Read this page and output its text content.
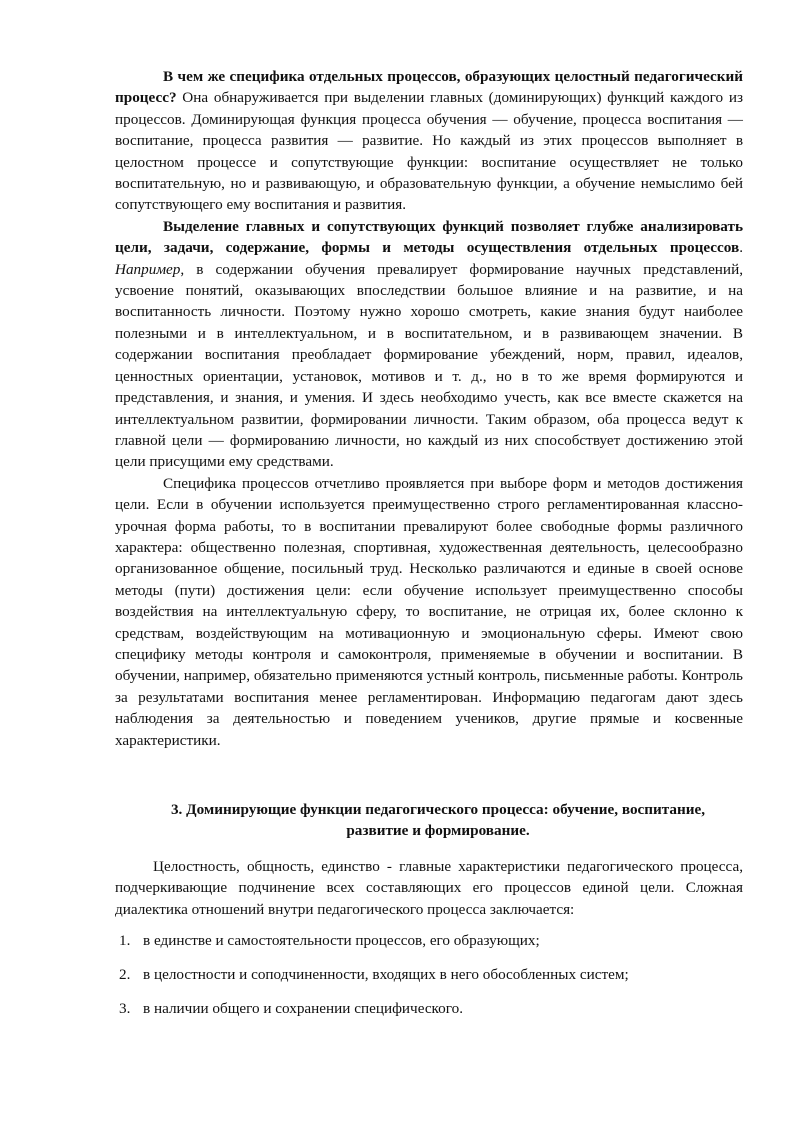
В чем же специфика отдельных процессов, образующих целостный педагогический процесс? Она обнаруживается при выделении главных (доминирующих) функций каждого из процессов. Доминирующая функция процесса обучения — обучение, процесса воспитания — воспитание, процесса развития — развитие. Но каждый из этих процессов выполняет в целостном процессе и сопутствующие функции: воспитание осуществляет не только воспитательную, но и развивающую, и образовательную функции, а обучение немыслимо бей сопутствующего ему воспитания и развития.

Выделение главных и сопутствующих функций позволяет глубже анализировать цели, задачи, содержание, формы и методы осуществления отдельных процессов. Например, в содержании обучения превалирует формирование научных представлений, усвоение понятий, оказывающих впоследствии большое влияние и на развитие, и на воспитанность личности. Поэтому нужно хорошо смотреть, какие знания будут наиболее полезными и в интеллектуальном, и в воспитательном, и в развивающем значении. В содержании воспитания преобладает формирование убеждений, норм, правил, идеалов, ценностных ориентации, установок, мотивов и т. д., но в то же время формируются и представления, и знания, и умения. И здесь необходимо учесть, как все вместе скажется на интеллектуальном развитии, формировании личности. Таким образом, оба процесса ведут к главной цели — формированию личности, но каждый из них способствует достижению этой цели присущими ему средствами.

Специфика процессов отчетливо проявляется при выборе форм и методов достижения цели. Если в обучении используется преимущественно строго регламентированная классно-урочная форма работы, то в воспитании превалируют более свободные формы различного характера: общественно полезная, спортивная, художественная деятельность, целесообразно организованное общение, посильный труд. Несколько различаются и единые в своей основе методы (пути) достижения цели: если обучение использует преимущественно способы воздействия на интеллектуальную сферу, то воспитание, не отрицая их, более склонно к средствам, воздействующим на мотивационную и эмоциональную сферы. Имеют свою специфику методы контроля и самоконтроля, применяемые в обучении и воспитании. В обучении, например, обязательно применяются устный контроль, письменные работы. Контроль за результатами воспитания менее регламентирован. Информацию педагогам дают здесь наблюдения за деятельностью и поведением учеников, другие прямые и косвенные характеристики.

3. Доминирующие функции педагогического процесса: обучение, воспитание, развитие и формирование.

Целостность, общность, единство - главные характеристики педагогического процесса, подчеркивающие подчинение всех составляющих его процессов единой цели. Сложная диалектика отношений внутри педагогического процесса заключается:

1. в единстве и самостоятельности процессов, его образующих;
2. в целостности и соподчиненности, входящих в него обособленных систем;
3. в наличии общего и сохранении специфического.
